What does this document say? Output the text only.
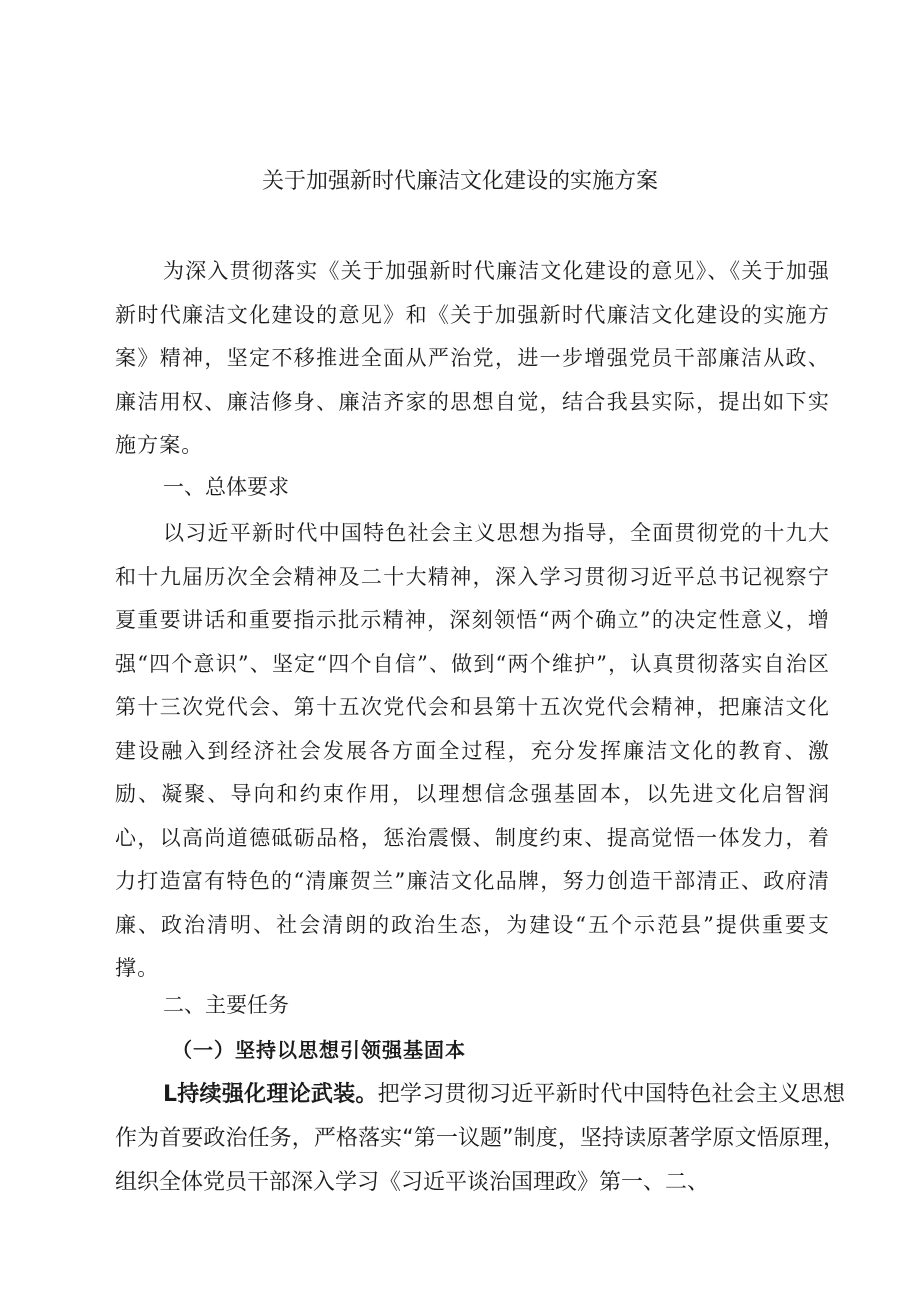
关于加强新时代廉洁文化建设的实施方案

为深入贯彻落实《关于加强新时代廉洁文化建设的意见》、《关于加强新时代廉洁文化建设的意见》和《关于加强新时代廉洁文化建设的实施方案》精神，坚定不移推进全面从严治党，进一步增强党员干部廉洁从政、廉洁用权、廉洁修身、廉洁齐家的思想自觉，结合我县实际，提出如下实施方案。

一、总体要求

以习近平新时代中国特色社会主义思想为指导，全面贯彻党的十九大和十九届历次全会精神及二十大精神，深入学习贯彻习近平总书记视察宁夏重要讲话和重要指示批示精神，深刻领悟“两个确立”的决定性意义，增强“四个意识”、坚定“四个自信”、做到“两个维护”，认真贯彻落实自治区第十三次党代会、第十五次党代会和县第十五次党代会精神，把廉洁文化建设融入到经济社会发展各方面全过程，充分发挥廉洁文化的教育、激励、凝聚、导向和约束作用，以理想信念强基固本，以先进文化启智润心，以高尚道德砥砺品格，惩治震慑、制度约束、提高觉悟一体发力，着力打造富有特色的“清廉贺兰”廉洁文化品牌，努力创造干部清正、政府清廉、政治清明、社会清朗的政治生态，为建设“五个示范县”提供重要支撑。

二、主要任务
（一）坚持以思想引领强基固本

L持续强化理论武装。把学习贯彻习近平新时代中国特色社会主义思想作为首要政治任务，严格落实“第一议题”制度，坚持读原著学原文悟原理，组织全体党员干部深入学习《习近平谈治国理政》第一、二、
